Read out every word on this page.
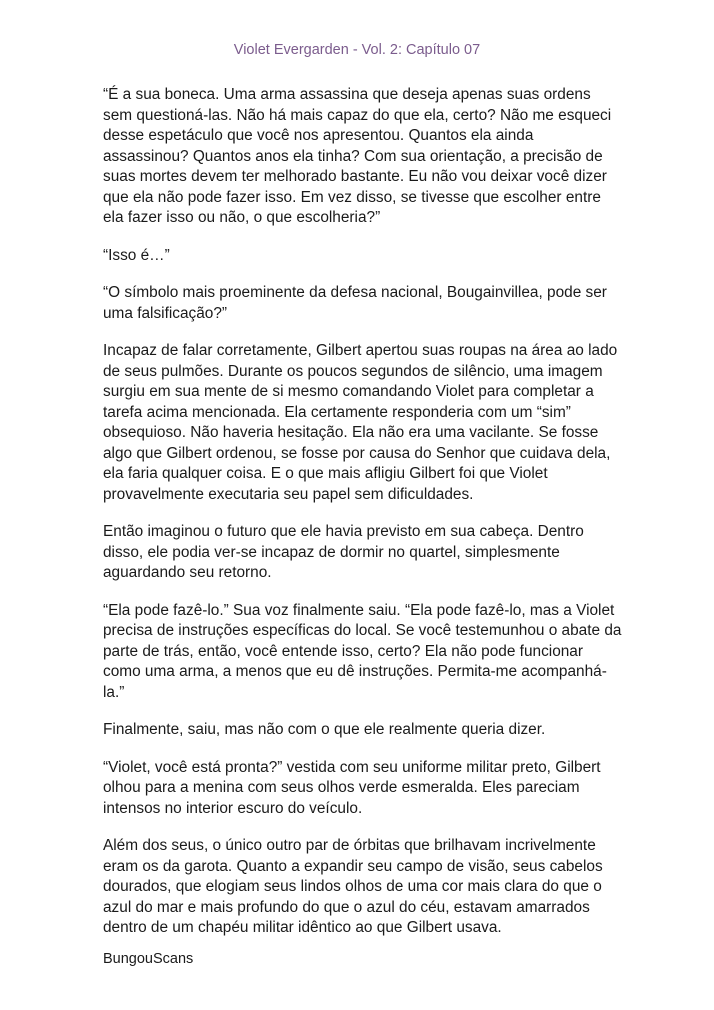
Violet Evergarden - Vol. 2: Capítulo 07

“É a sua boneca. Uma arma assassina que deseja apenas suas ordens sem questioná-las. Não há mais capaz do que ela, certo? Não me esqueci desse espetáculo que você nos apresentou. Quantos ela ainda assassinou? Quantos anos ela tinha? Com sua orientação, a precisão de suas mortes devem ter melhorado bastante. Eu não vou deixar você dizer que ela não pode fazer isso. Em vez disso, se tivesse que escolher entre ela fazer isso ou não, o que escolheria?”

“Isso é…”

“O símbolo mais proeminente da defesa nacional, Bougainvillea, pode ser uma falsificação?”

Incapaz de falar corretamente, Gilbert apertou suas roupas na área ao lado de seus pulmões. Durante os poucos segundos de silêncio, uma imagem surgiu em sua mente de si mesmo comandando Violet para completar a tarefa acima mencionada. Ela certamente responderia com um “sim” obsequioso. Não haveria hesitação. Ela não era uma vacilante. Se fosse algo que Gilbert ordenou, se fosse por causa do Senhor que cuidava dela, ela faria qualquer coisa. E o que mais afligiu Gilbert foi que Violet provavelmente executaria seu papel sem dificuldades.

Então imaginou o futuro que ele havia previsto em sua cabeça. Dentro disso, ele podia ver-se incapaz de dormir no quartel, simplesmente aguardando seu retorno.

“Ela pode fazê-lo.” Sua voz finalmente saiu. “Ela pode fazê-lo, mas a Violet precisa de instruções específicas do local. Se você testemunhou o abate da parte de trás, então, você entende isso, certo? Ela não pode funcionar como uma arma, a menos que eu dê instruções. Permita-me acompanhá-la.”

Finalmente, saiu, mas não com o que ele realmente queria dizer.

“Violet, você está pronta?” vestida com seu uniforme militar preto, Gilbert olhou para a menina com seus olhos verde esmeralda. Eles pareciam intensos no interior escuro do veículo.

Além dos seus, o único outro par de órbitas que brilhavam incrivelmente eram os da garota. Quanto a expandir seu campo de visão, seus cabelos dourados, que elogiam seus lindos olhos de uma cor mais clara do que o azul do mar e mais profundo do que o azul do céu, estavam amarrados dentro de um chapéu militar idêntico ao que Gilbert usava.

BungouScans
